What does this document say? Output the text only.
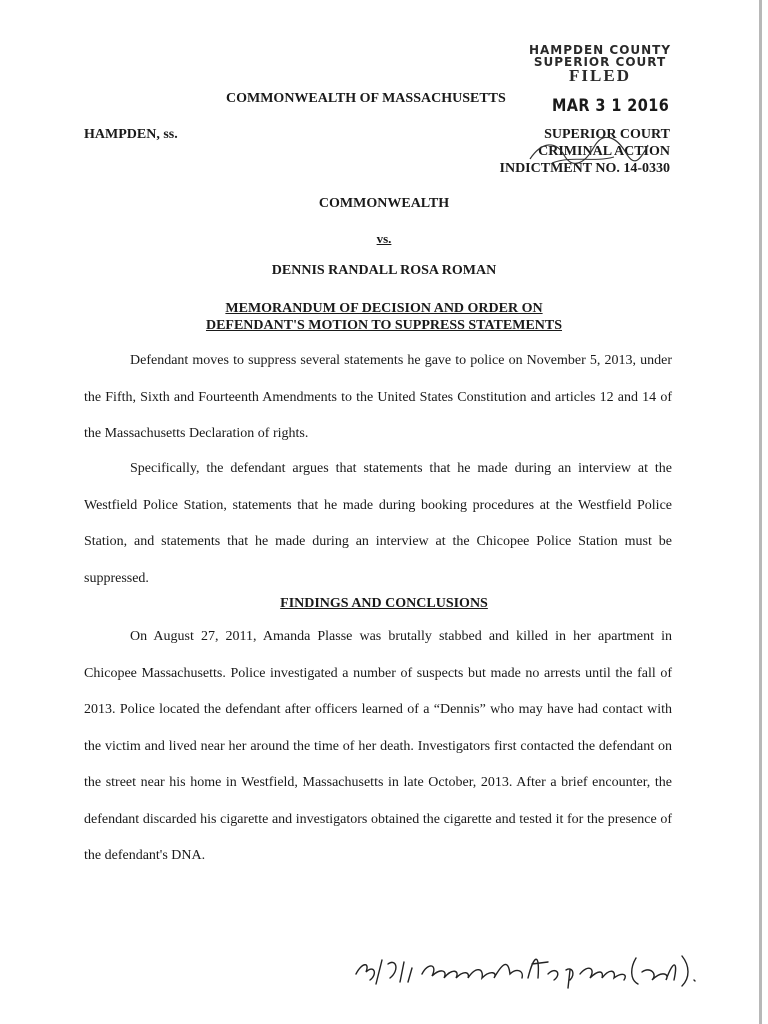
HAMPDEN COUNTY
SUPERIOR COURT
FILED
MAR 3 1 2016
COMMONWEALTH OF MASSACHUSETTS
HAMPDEN, ss.	SUPERIOR COURT
CRIMINAL ACTION
INDICTMENT NO. 14-0330
COMMONWEALTH
vs.
DENNIS RANDALL ROSA ROMAN
MEMORANDUM OF DECISION AND ORDER ON
DEFENDANT'S MOTION TO SUPPRESS STATEMENTS
Defendant moves to suppress several statements he gave to police on November 5, 2013, under the Fifth, Sixth and Fourteenth Amendments to the United States Constitution and articles 12 and 14 of the Massachusetts Declaration of rights.
Specifically, the defendant argues that statements that he made during an interview at the Westfield Police Station, statements that he made during booking procedures at the Westfield Police Station, and statements that he made during an interview at the Chicopee Police Station must be suppressed.
FINDINGS AND CONCLUSIONS
On August 27, 2011, Amanda Plasse was brutally stabbed and killed in her apartment in Chicopee Massachusetts. Police investigated a number of suspects but made no arrests until the fall of 2013. Police located the defendant after officers learned of a “Dennis” who may have had contact with the victim and lived near her around the time of her death. Investigators first contacted the defendant on the street near his home in Westfield, Massachusetts in late October, 2013. After a brief encounter, the defendant discarded his cigarette and investigators obtained the cigarette and tested it for the presence of the defendant's DNA.
